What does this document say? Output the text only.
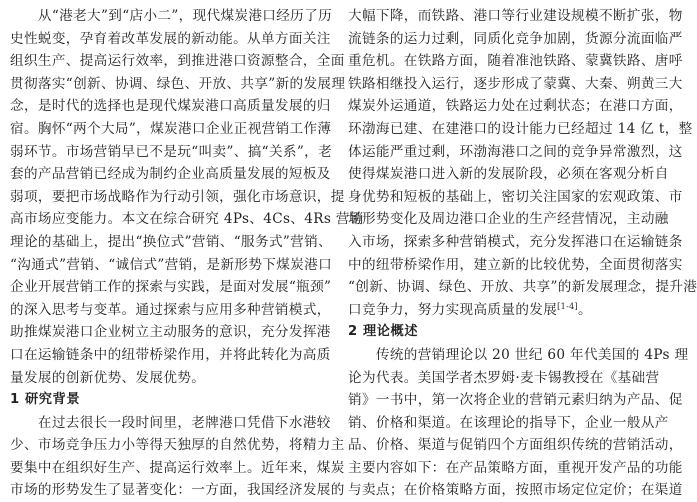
　　从“港老大”到“店小二”，现代煤炭港口经历了历
史性蜕变，孕育着改革发展的新动能。从单方面关注
组织生产、提高运行效率，到推进港口资源整合，全面
贯彻落实“创新、协调、绿色、开放、共享”新的发展理
念，是时代的选择也是现代煤炭港口高质量发展的归
宿。胸怀“两个大局”，煤炭港口企业正视营销工作薄
弱环节。市场营销早已不是玩“叫卖”、搞“关系”，老
套的产品营销已经成为制约企业高质量发展的短板及
弱项，要把市场战略作为行动引领，强化市场意识，提
高市场应变能力。本文在综合研究 4Ps、4Cs、4Rs 营销
理论的基础上，提出“换位式”营销、“服务式”营销、
“沟通式”营销、“诚信式”营销，是新形势下煤炭港口
企业开展营销工作的探索与实践，是面对发展“瓶颈”
的深入思考与变革。通过探索与应用多种营销模式，
助推煤炭港口企业树立主动服务的意识，充分发挥港
口在运输链条中的纽带桥梁作用，并将此转化为高质
量发展的创新优势、发展优势。
1 研究背景
　　在过去很长一段时间里，老牌港口凭借下水港较
少、市场竞争压力小等得天独厚的自然优势，将精力主
要集中在组织好生产、提高运行效率上。近年来，煤炭
市场的形势发生了显著变化：一方面，我国经济发展的
大幅下降，而铁路、港口等行业建设规模不断扩张，物
流链条的运力过剩，同质化竞争加剧，货源分流面临严
重危机。在铁路方面，随着准池铁路、蒙冀铁路、唐呼
铁路相继投入运行，逐步形成了蒙冀、大秦、朔黄三大
煤炭外运通道，铁路运力处在过剩状态；在港口方面，
环渤海已建、在建港口的设计能力已经超过 14 亿 t，整
体运能严重过剩，环渤海港口之间的竞争异常激烈，这
使得煤炭港口进入新的发展阶段，必须在客观分析自
身优势和短板的基础上，密切关注国家的宏观政策、市
场形势变化及周边港口企业的生产经营情况，主动融
入市场，探索多种营销模式，充分发挥港口在运输链条
中的纽带桥梁作用，建立新的比较优势，全面贯彻落实
“创新、协调、绿色、开放、共享”的新发展理念，提升港
口竞争力，努力实现高质量的发展[1-4]。
2 理论概述
　　传统的营销理论以 20 世纪 60 年代美国的 4Ps 理
论为代表。美国学者杰罗姆·麦卡锡教授在《基础营
销》一书中，第一次将企业的营销元素归纳为产品、促
销、价格和渠道。在该理论的指导下，企业一般从产
品、价格、渠道与促销四个方面组织传统的营销活动，
主要内容如下：在产品策略方面，重视开发产品的功能
与卖点；在价格策略方面，按照市场定位定价；在渠道
